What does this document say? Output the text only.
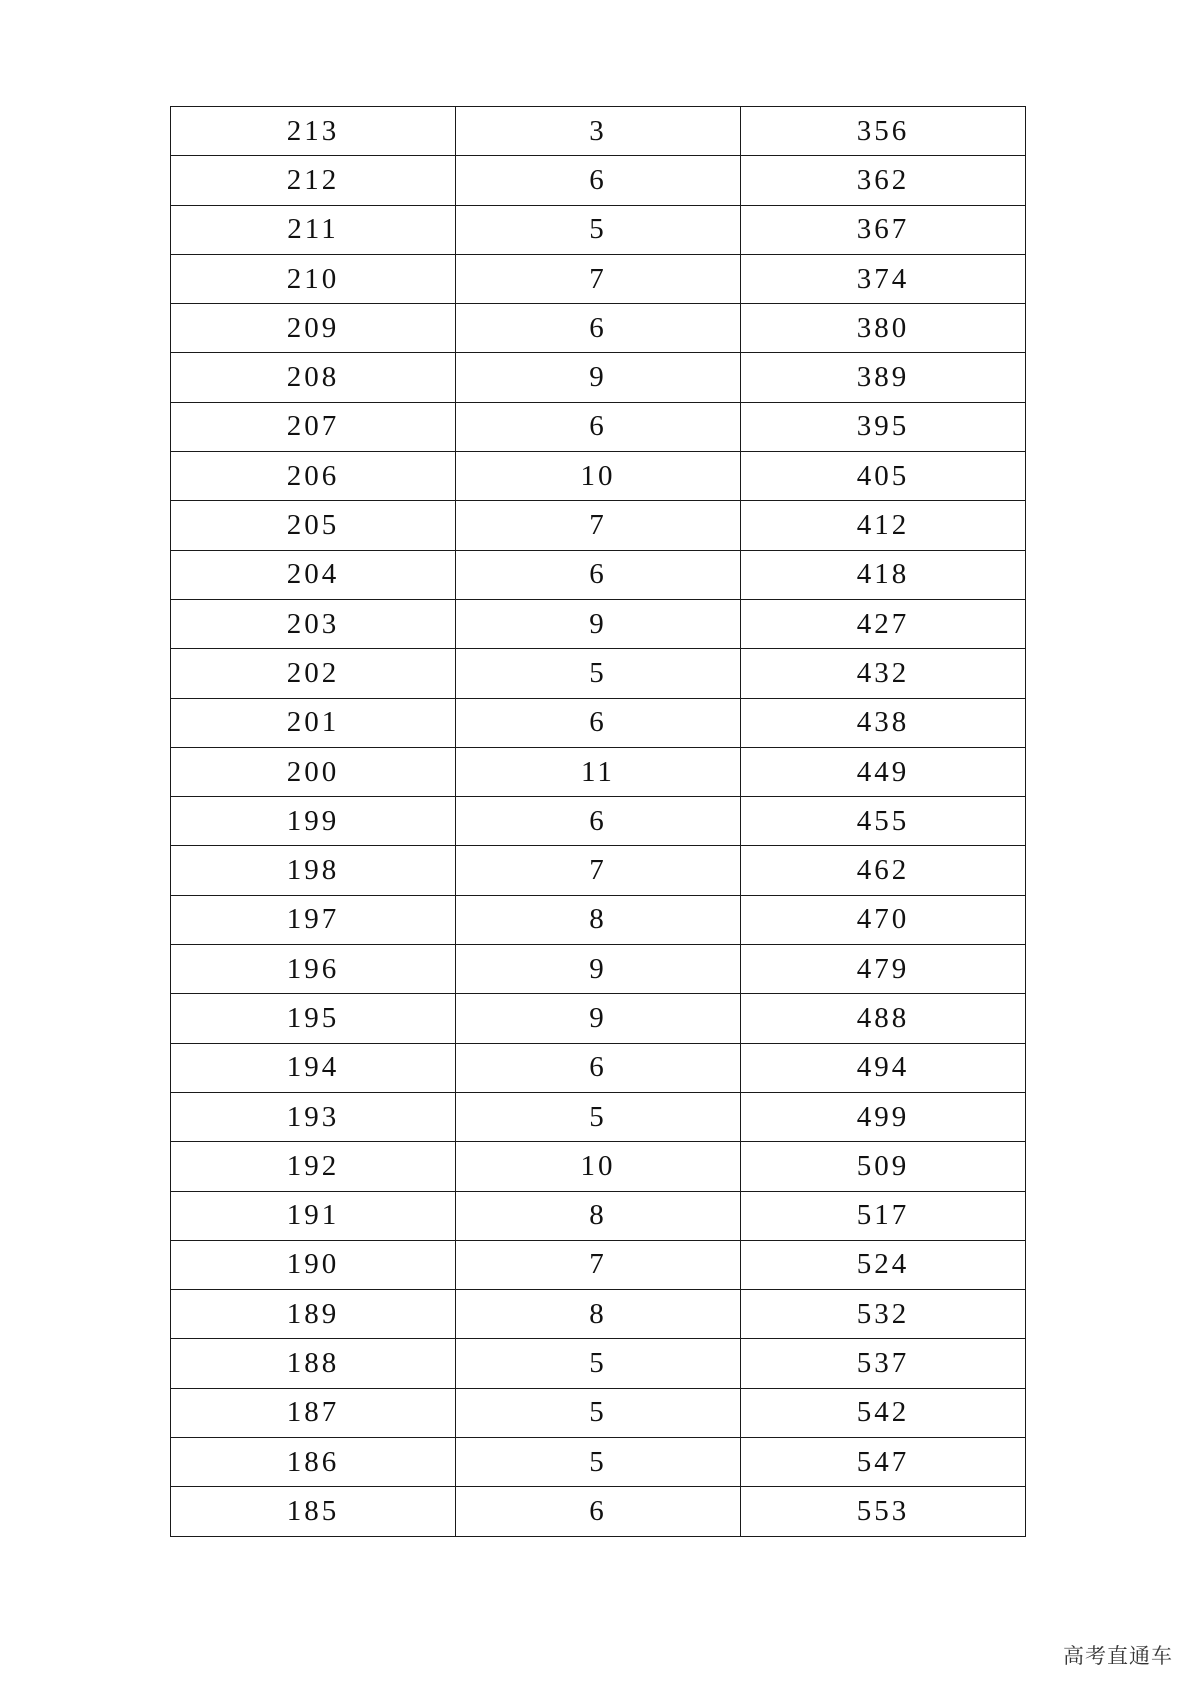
213	3	356
212	6	362
211	5	367
210	7	374
209	6	380
208	9	389
207	6	395
206	10	405
205	7	412
204	6	418
203	9	427
202	5	432
201	6	438
200	11	449
199	6	455
198	7	462
197	8	470
196	9	479
195	9	488
194	6	494
193	5	499
192	10	509
191	8	517
190	7	524
189	8	532
188	5	537
187	5	542
186	5	547
185	6	553
高考直通车
